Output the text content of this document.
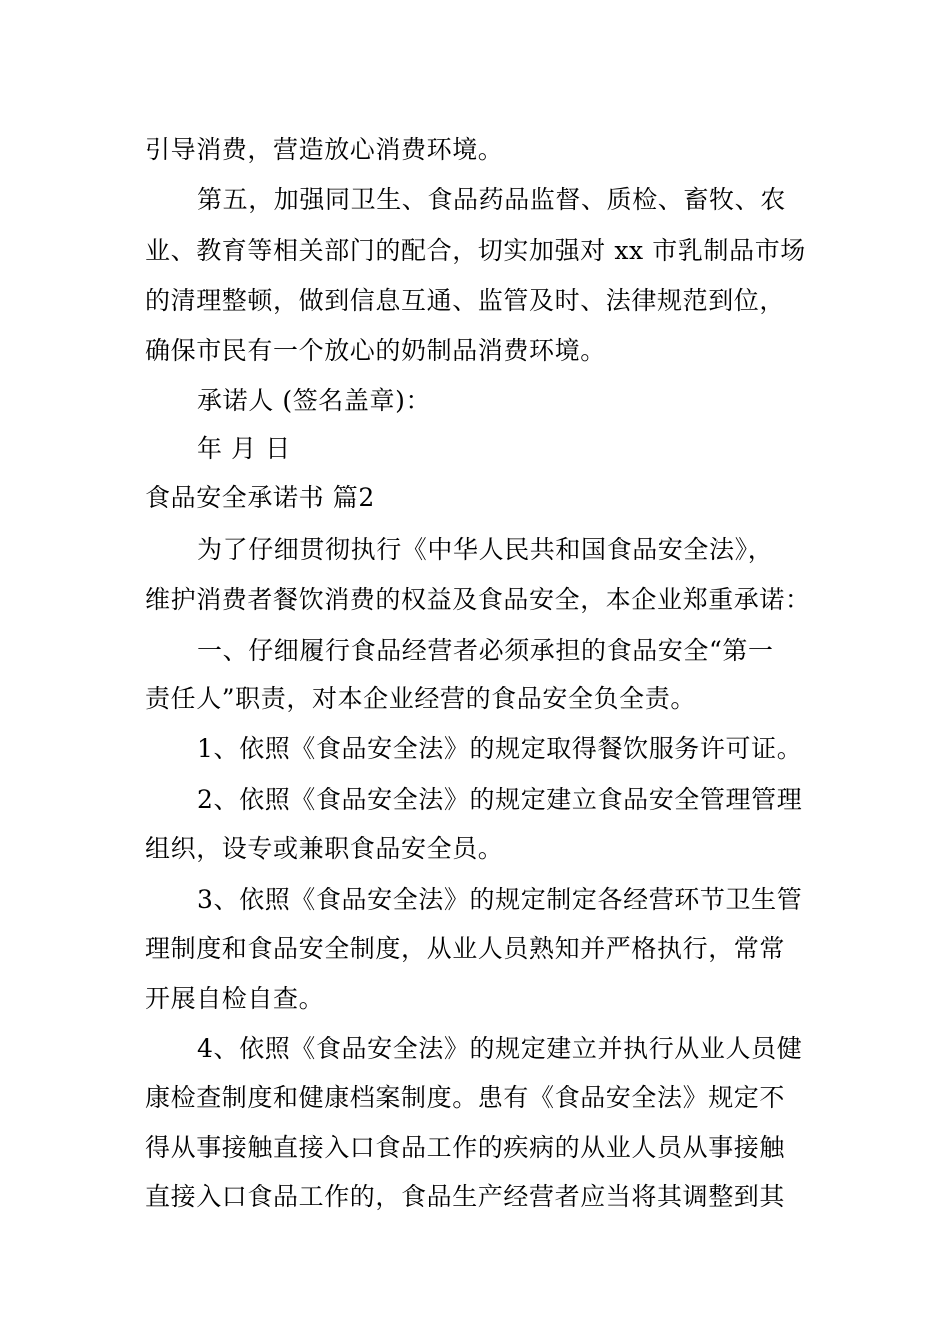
引导消费，营造放心消费环境。
第五，加强同卫生、食品药品监督、质检、畜牧、农
业、教育等相关部门的配合，切实加强对 xx 市乳制品市场
的清理整顿，做到信息互通、监管及时、法律规范到位，
确保市民有一个放心的奶制品消费环境。
承诺人 (签名盖章)：
年 月 日
食品安全承诺书 篇2
为了仔细贯彻执行《中华人民共和国食品安全法》，
维护消费者餐饮消费的权益及食品安全，本企业郑重承诺：
一、仔细履行食品经营者必须承担的食品安全“第一
责任人”职责，对本企业经营的食品安全负全责。
1、依照《食品安全法》的规定取得餐饮服务许可证。
2、依照《食品安全法》的规定建立食品安全管理管理
组织，设专或兼职食品安全员。
3、依照《食品安全法》的规定制定各经营环节卫生管
理制度和食品安全制度，从业人员熟知并严格执行，常常
开展自检自查。
4、依照《食品安全法》的规定建立并执行从业人员健
康检查制度和健康档案制度。患有《食品安全法》规定不
得从事接触直接入口食品工作的疾病的从业人员从事接触
直接入口食品工作的，食品生产经营者应当将其调整到其
